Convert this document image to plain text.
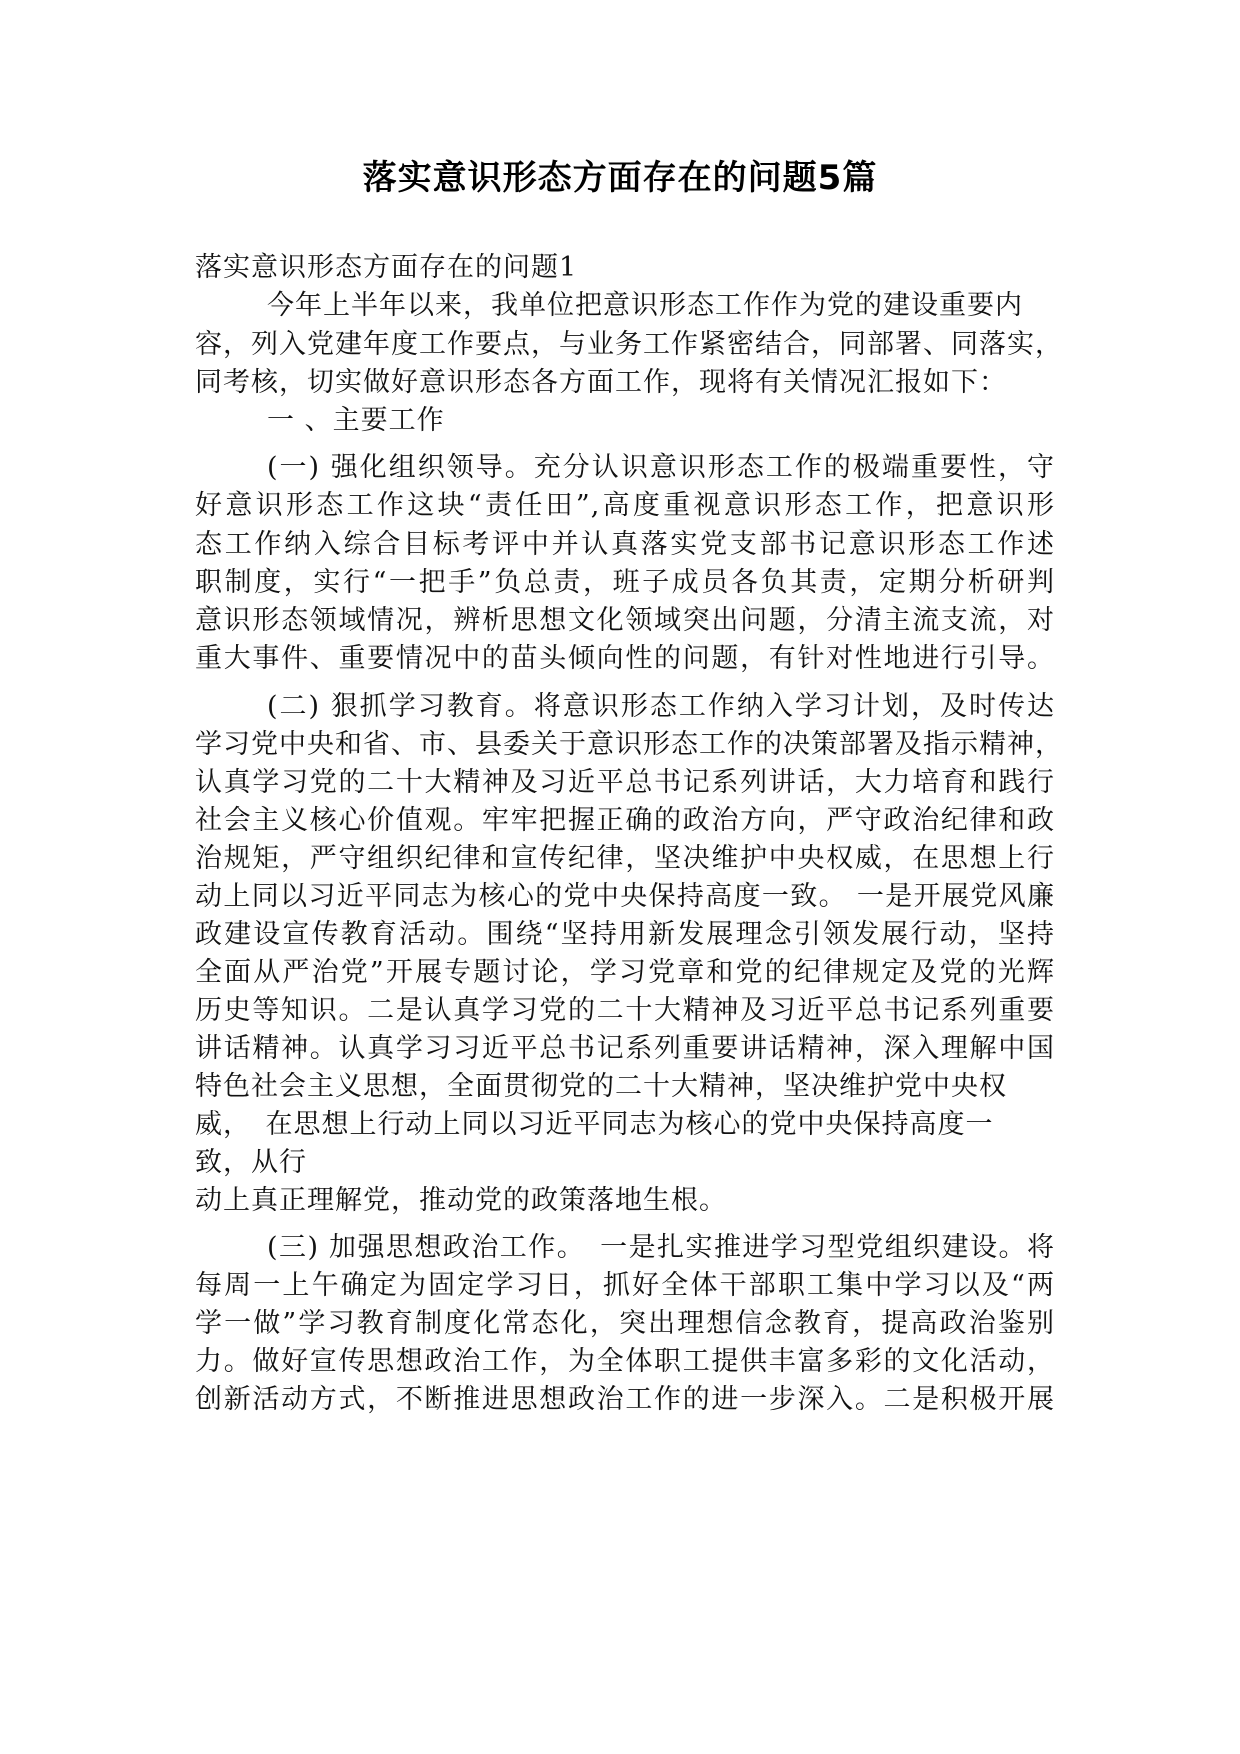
落实意识形态方面存在的问题5篇
落实意识形态方面存在的问题1
今年上半年以来，我单位把意识形态工作作为党的建设重要内
容，列入党建年度工作要点，与业务工作紧密结合，同部署、同落实，
同考核，切实做好意识形态各方面工作，现将有关情况汇报如下：
一 、主要工作
(一) 强化组织领导。充分认识意识形态工作的极端重要性，守
好意识形态工作这块“责任田”,高度重视意识形态工作，把意识形
态工作纳入综合目标考评中并认真落实党支部书记意识形态工作述
职制度，实行“一把手”负总责，班子成员各负其责，定期分析研判
意识形态领域情况，辨析思想文化领域突出问题，分清主流支流，对
重大事件、重要情况中的苗头倾向性的问题，有针对性地进行引导。
(二) 狠抓学习教育。将意识形态工作纳入学习计划，及时传达
学习党中央和省、市、县委关于意识形态工作的决策部署及指示精神，
认真学习党的二十大精神及习近平总书记系列讲话，大力培育和践行
社会主义核心价值观。牢牢把握正确的政治方向，严守政治纪律和政
治规矩，严守组织纪律和宣传纪律，坚决维护中央权威，在思想上行
动上同以习近平同志为核心的党中央保持高度一致。 一是开展党风廉
政建设宣传教育活动。围绕“坚持用新发展理念引领发展行动，坚持
全面从严治党”开展专题讨论，学习党章和党的纪律规定及党的光辉
历史等知识。二是认真学习党的二十大精神及习近平总书记系列重要
讲话精神。认真学习习近平总书记系列重要讲话精神，深入理解中国
特色社会主义思想，全面贯彻党的二十大精神，坚决维护党中央权
威，　在思想上行动上同以习近平同志为核心的党中央保持高度一
致，从行
动上真正理解党，推动党的政策落地生根。
(三) 加强思想政治工作。　一是扎实推进学习型党组织建设。将
每周一上午确定为固定学习日，抓好全体干部职工集中学习以及“两
学一做”学习教育制度化常态化，突出理想信念教育，提高政治鉴别
力。做好宣传思想政治工作，为全体职工提供丰富多彩的文化活动，
创新活动方式，不断推进思想政治工作的进一步深入。二是积极开展
